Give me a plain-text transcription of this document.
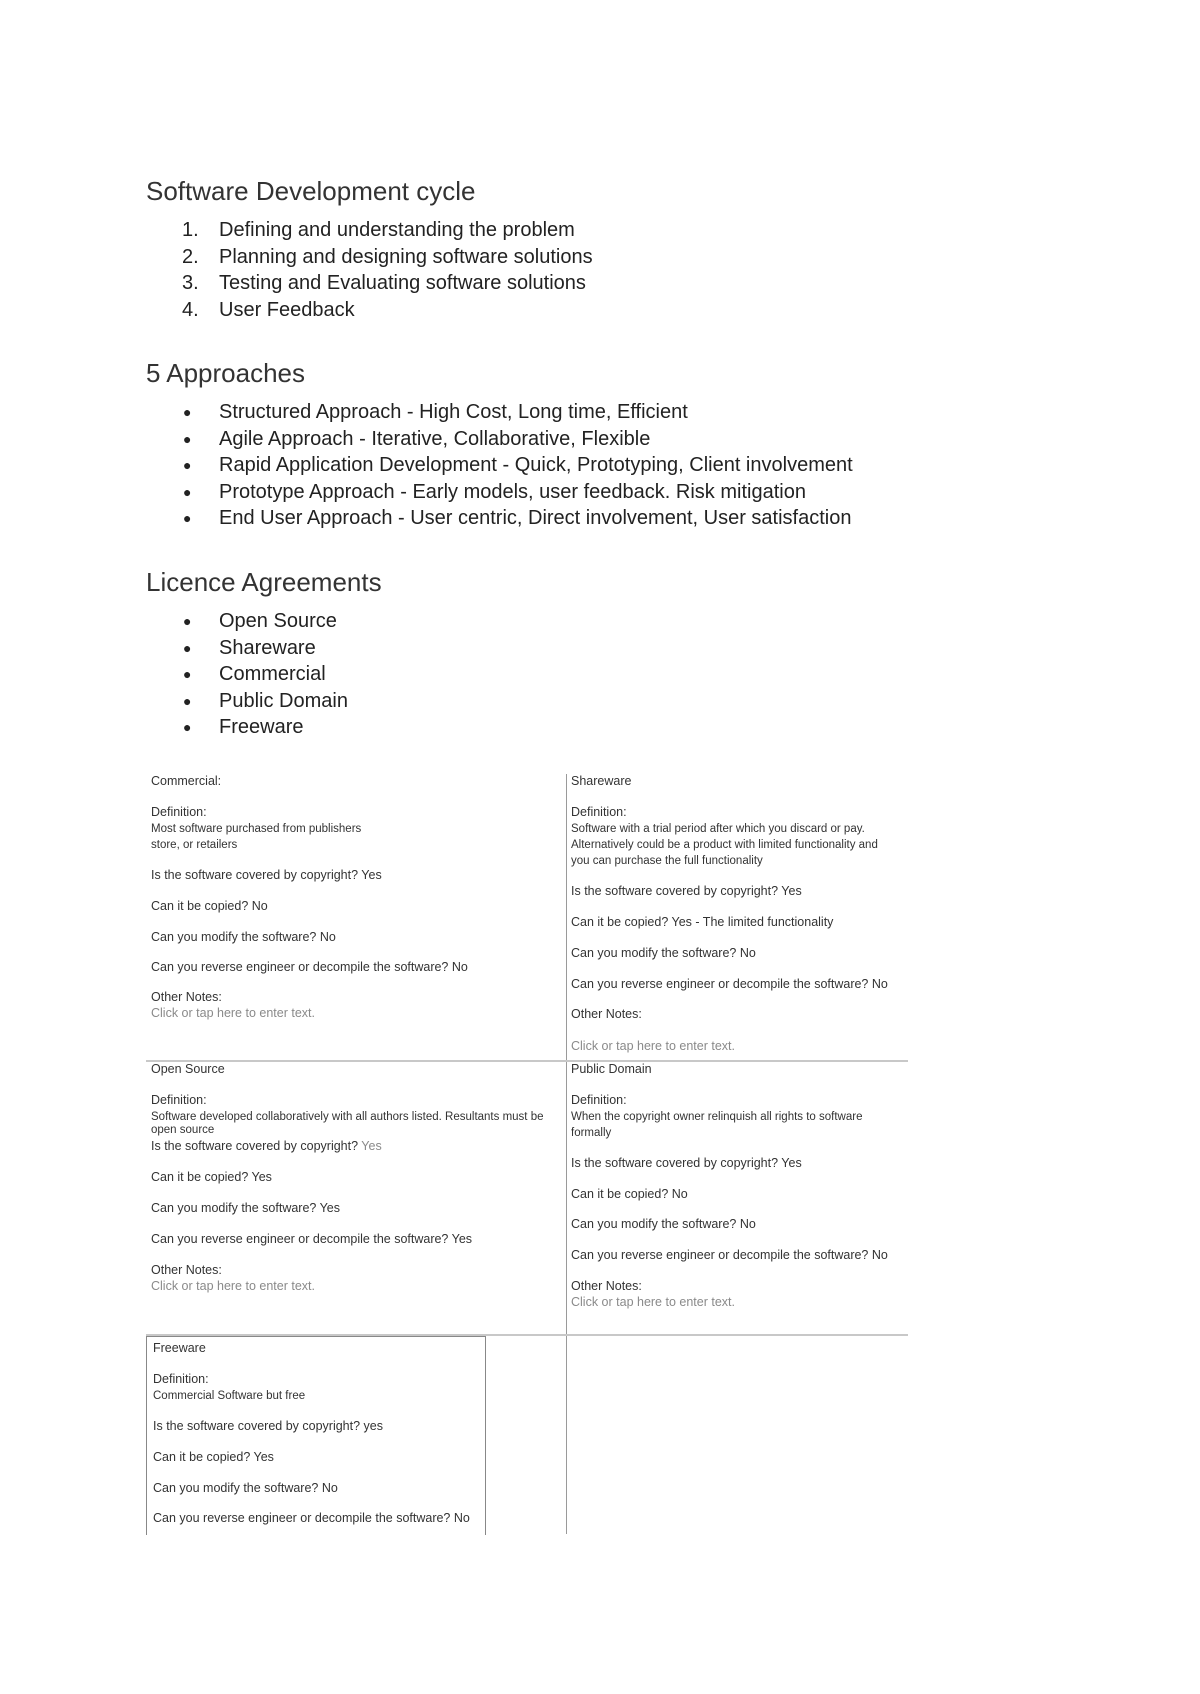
Software Development cycle
1. Defining and understanding the problem
2. Planning and designing software solutions
3. Testing and Evaluating software solutions
4. User Feedback
5 Approaches
● Structured Approach - High Cost, Long time, Efficient
● Agile Approach - Iterative, Collaborative, Flexible
● Rapid Application Development - Quick, Prototyping, Client involvement
● Prototype Approach - Early models, user feedback. Risk mitigation
● End User Approach - User centric, Direct involvement, User satisfaction
Licence Agreements
● Open Source
● Shareware
● Commercial
● Public Domain
● Freeware
Commercial:
Definition:
Most software purchased from publishers
store, or retailers
Is the software covered by copyright? Yes
Can it be copied? No
Can you modify the software? No
Can you reverse engineer or decompile the software? No
Other Notes:
Click or tap here to enter text.
Shareware
Definition:
Software with a trial period after which you discard or pay.
Alternatively could be a product with limited functionality and
you can purchase the full functionality
Is the software covered by copyright? Yes
Can it be copied? Yes - The limited functionality
Can you modify the software? No
Can you reverse engineer or decompile the software? No
Other Notes:
Click or tap here to enter text.
Open Source
Definition:
Software developed collaboratively with all authors listed. Resultants must be
open source
Is the software covered by copyright? Yes
Can it be copied? Yes
Can you modify the software? Yes
Can you reverse engineer or decompile the software? Yes
Other Notes:
Click or tap here to enter text.
Public Domain
Definition:
When the copyright owner relinquish all rights to software
formally
Is the software covered by copyright? Yes
Can it be copied? No
Can you modify the software? No
Can you reverse engineer or decompile the software? No
Other Notes:
Click or tap here to enter text.
Freeware
Definition:
Commercial Software but free
Is the software covered by copyright? yes
Can it be copied? Yes
Can you modify the software? No
Can you reverse engineer or decompile the software? No
